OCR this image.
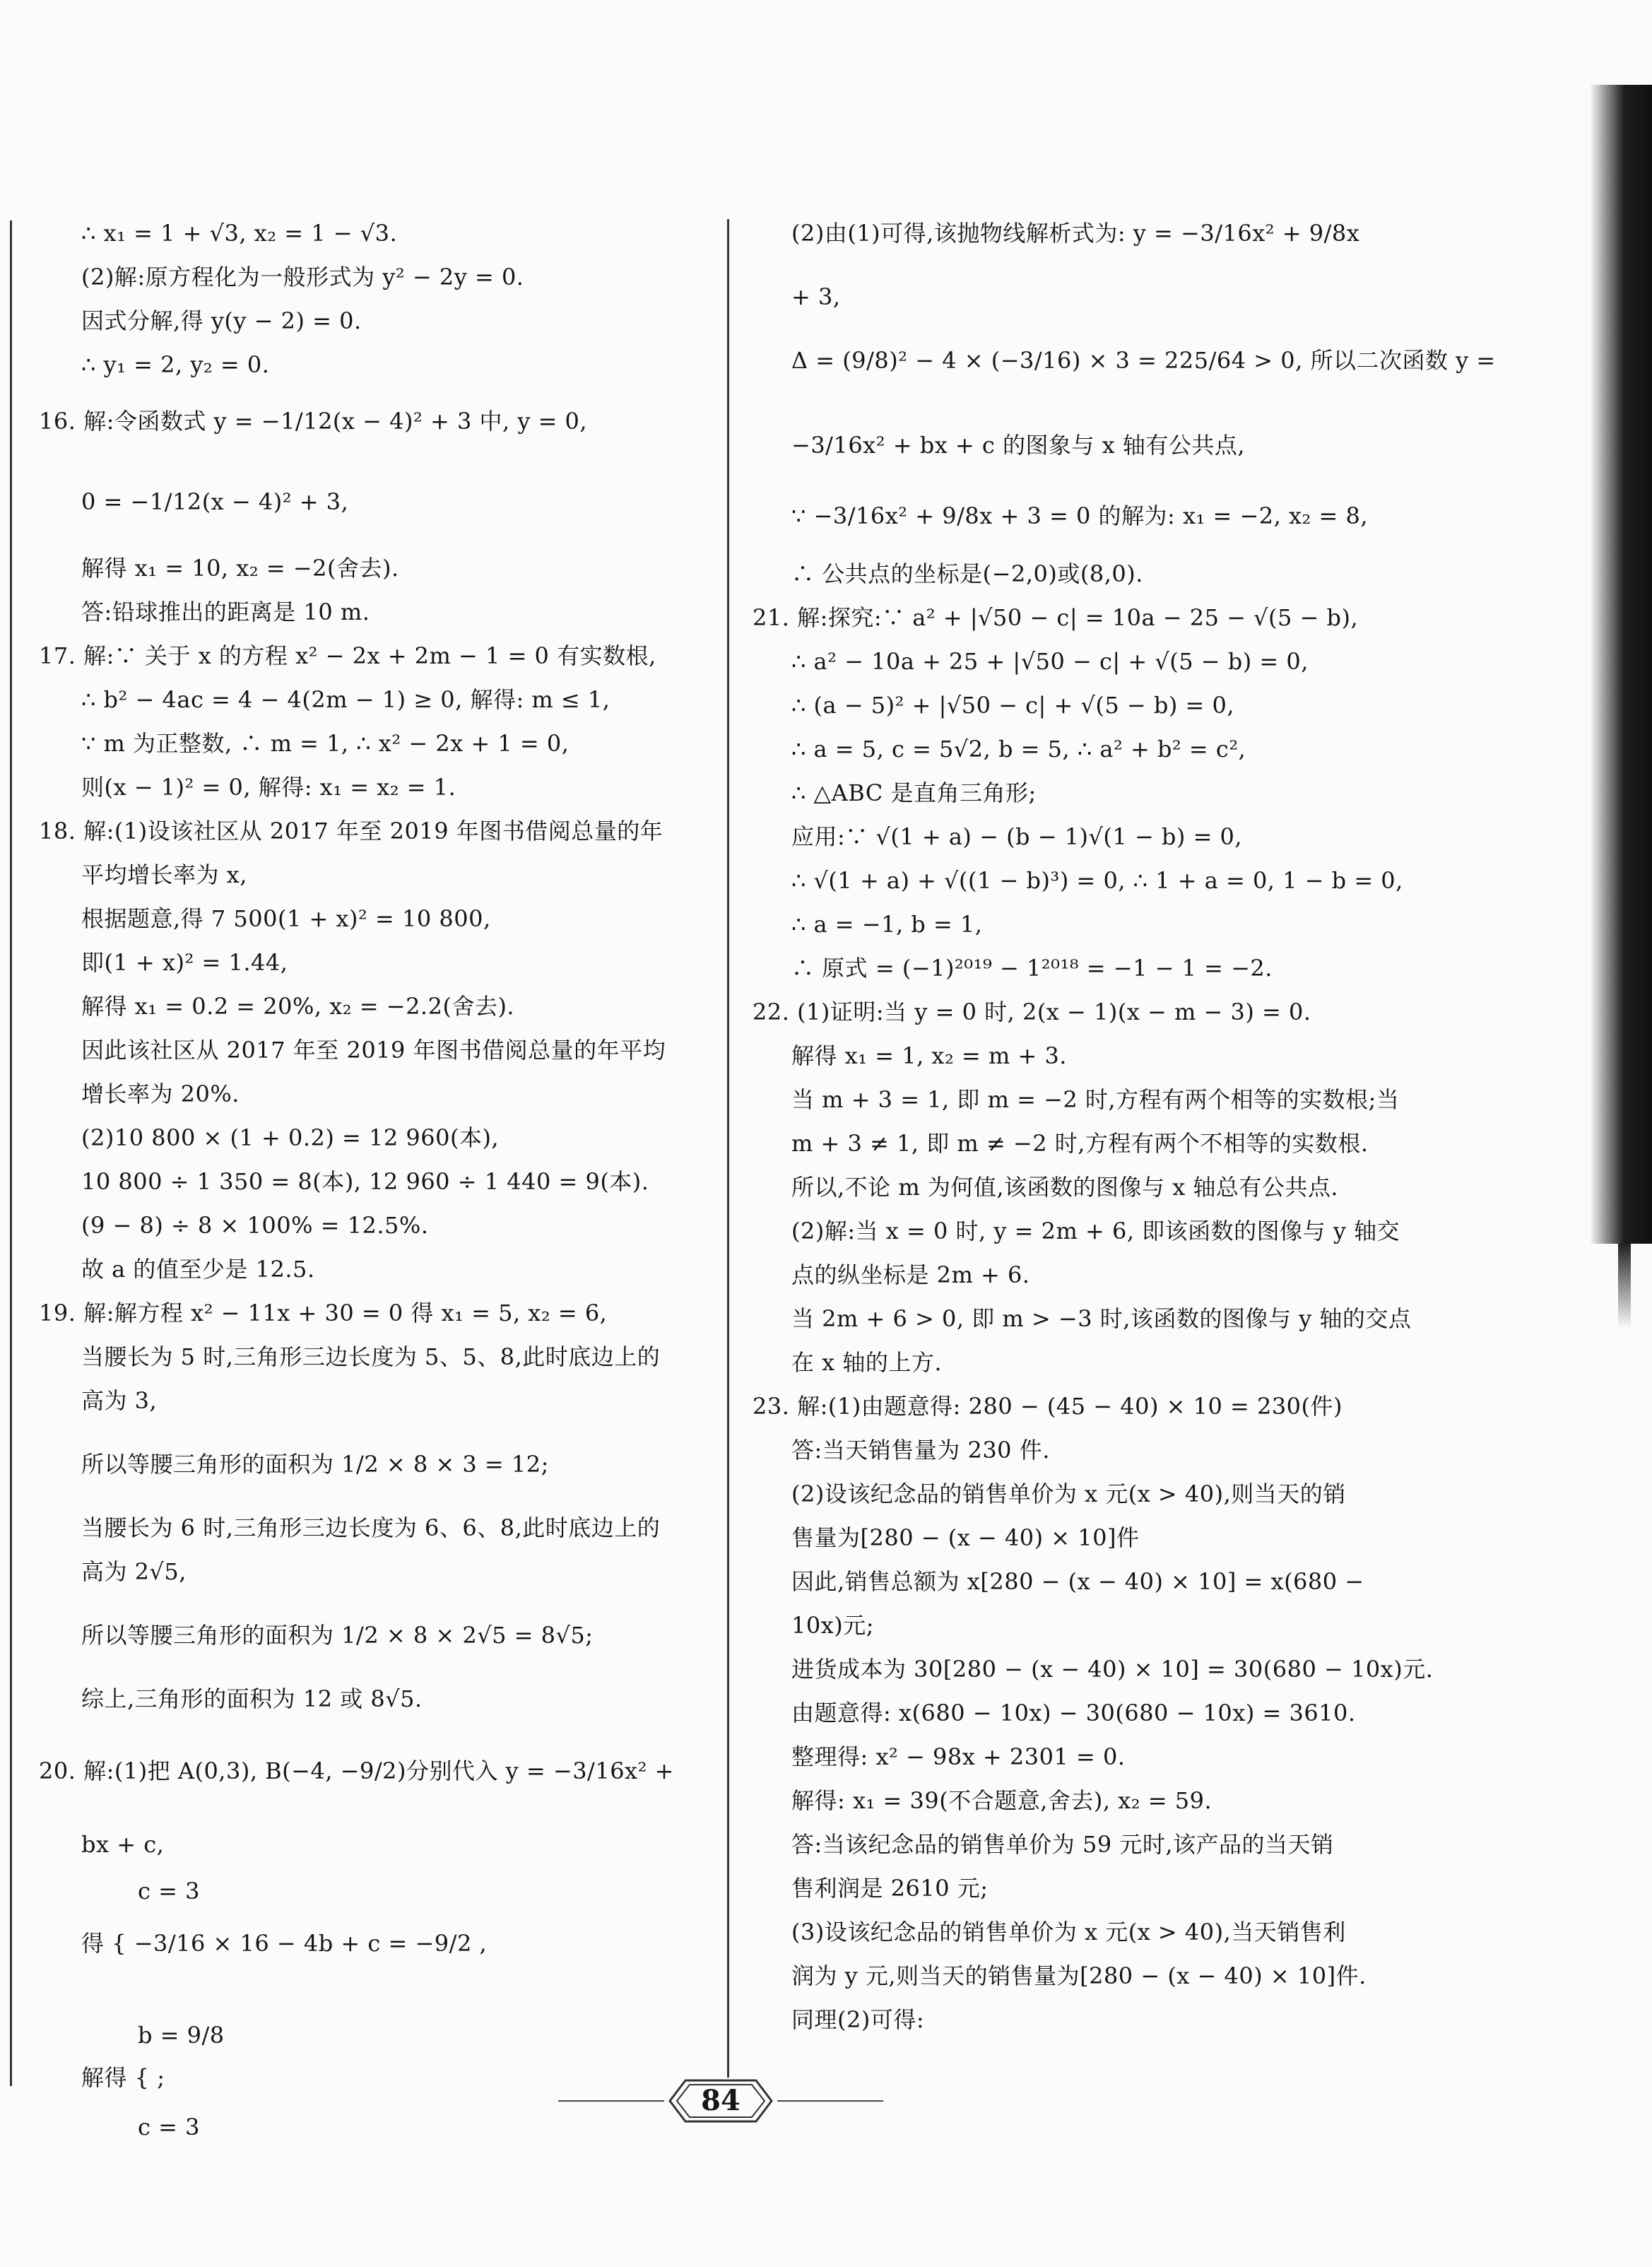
∴ x₁ = 1 + √3, x₂ = 1 − √3.
(2)解:原方程化为一般形式为 y² − 2y = 0.
因式分解,得 y(y − 2) = 0.
∴ y₁ = 2, y₂ = 0.
16. 解:令函数式 y = −1/12(x − 4)² + 3 中, y = 0,
0 = −1/12(x − 4)² + 3,
解得 x₁ = 10, x₂ = −2(舍去).
答:铅球推出的距离是 10 m.
17. 解:∵ 关于 x 的方程 x² − 2x + 2m − 1 = 0 有实数根,
∴ b² − 4ac = 4 − 4(2m − 1) ≥ 0, 解得: m ≤ 1,
∵ m 为正整数, ∴ m = 1, ∴ x² − 2x + 1 = 0,
则(x − 1)² = 0, 解得: x₁ = x₂ = 1.
18. 解:(1)设该社区从 2017 年至 2019 年图书借阅总量的年
平均增长率为 x,
根据题意,得 7 500(1 + x)² = 10 800,
即(1 + x)² = 1.44,
解得 x₁ = 0.2 = 20%, x₂ = −2.2(舍去).
因此该社区从 2017 年至 2019 年图书借阅总量的年平均
增长率为 20%.
(2)10 800 × (1 + 0.2) = 12 960(本),
10 800 ÷ 1 350 = 8(本), 12 960 ÷ 1 440 = 9(本).
(9 − 8) ÷ 8 × 100% = 12.5%.
故 a 的值至少是 12.5.
19. 解:解方程 x² − 11x + 30 = 0 得 x₁ = 5, x₂ = 6,
当腰长为 5 时,三角形三边长度为 5、5、8,此时底边上的
高为 3,
所以等腰三角形的面积为 1/2 × 8 × 3 = 12;
当腰长为 6 时,三角形三边长度为 6、6、8,此时底边上的
高为 2√5,
所以等腰三角形的面积为 1/2 × 8 × 2√5 = 8√5;
综上,三角形的面积为 12 或 8√5.
20. 解:(1)把 A(0,3), B(−4, −9/2)分别代入 y = −3/16x² +
bx + c,
c = 3
得 { −3/16 × 16 − 4b + c = −9/2 ,
b = 9/8
解得 { ;
c = 3
(2)由(1)可得,该抛物线解析式为: y = −3/16x² + 9/8x
+ 3,
Δ = (9/8)² − 4 × (−3/16) × 3 = 225/64 > 0, 所以二次函数 y =
−3/16x² + bx + c 的图象与 x 轴有公共点,
∵ −3/16x² + 9/8x + 3 = 0 的解为: x₁ = −2, x₂ = 8,
∴ 公共点的坐标是(−2,0)或(8,0).
21. 解:探究:∵ a² + |√50 − c| = 10a − 25 − √(5 − b),
∴ a² − 10a + 25 + |√50 − c| + √(5 − b) = 0,
∴ (a − 5)² + |√50 − c| + √(5 − b) = 0,
∴ a = 5, c = 5√2, b = 5, ∴ a² + b² = c²,
∴ △ABC 是直角三角形;
应用:∵ √(1 + a) − (b − 1)√(1 − b) = 0,
∴ √(1 + a) + √((1 − b)³) = 0, ∴ 1 + a = 0, 1 − b = 0,
∴ a = −1, b = 1,
∴ 原式 = (−1)²⁰¹⁹ − 1²⁰¹⁸ = −1 − 1 = −2.
22. (1)证明:当 y = 0 时, 2(x − 1)(x − m − 3) = 0.
解得 x₁ = 1, x₂ = m + 3.
当 m + 3 = 1, 即 m = −2 时,方程有两个相等的实数根;当
m + 3 ≠ 1, 即 m ≠ −2 时,方程有两个不相等的实数根.
所以,不论 m 为何值,该函数的图像与 x 轴总有公共点.
(2)解:当 x = 0 时, y = 2m + 6, 即该函数的图像与 y 轴交
点的纵坐标是 2m + 6.
当 2m + 6 > 0, 即 m > −3 时,该函数的图像与 y 轴的交点
在 x 轴的上方.
23. 解:(1)由题意得: 280 − (45 − 40) × 10 = 230(件)
答:当天销售量为 230 件.
(2)设该纪念品的销售单价为 x 元(x > 40),则当天的销
售量为[280 − (x − 40) × 10]件
因此,销售总额为 x[280 − (x − 40) × 10] = x(680 −
10x)元;
进货成本为 30[280 − (x − 40) × 10] = 30(680 − 10x)元.
由题意得: x(680 − 10x) − 30(680 − 10x) = 3610.
整理得: x² − 98x + 2301 = 0.
解得: x₁ = 39(不合题意,舍去), x₂ = 59.
答:当该纪念品的销售单价为 59 元时,该产品的当天销
售利润是 2610 元;
(3)设该纪念品的销售单价为 x 元(x > 40),当天销售利
润为 y 元,则当天的销售量为[280 − (x − 40) × 10]件.
同理(2)可得:
84
